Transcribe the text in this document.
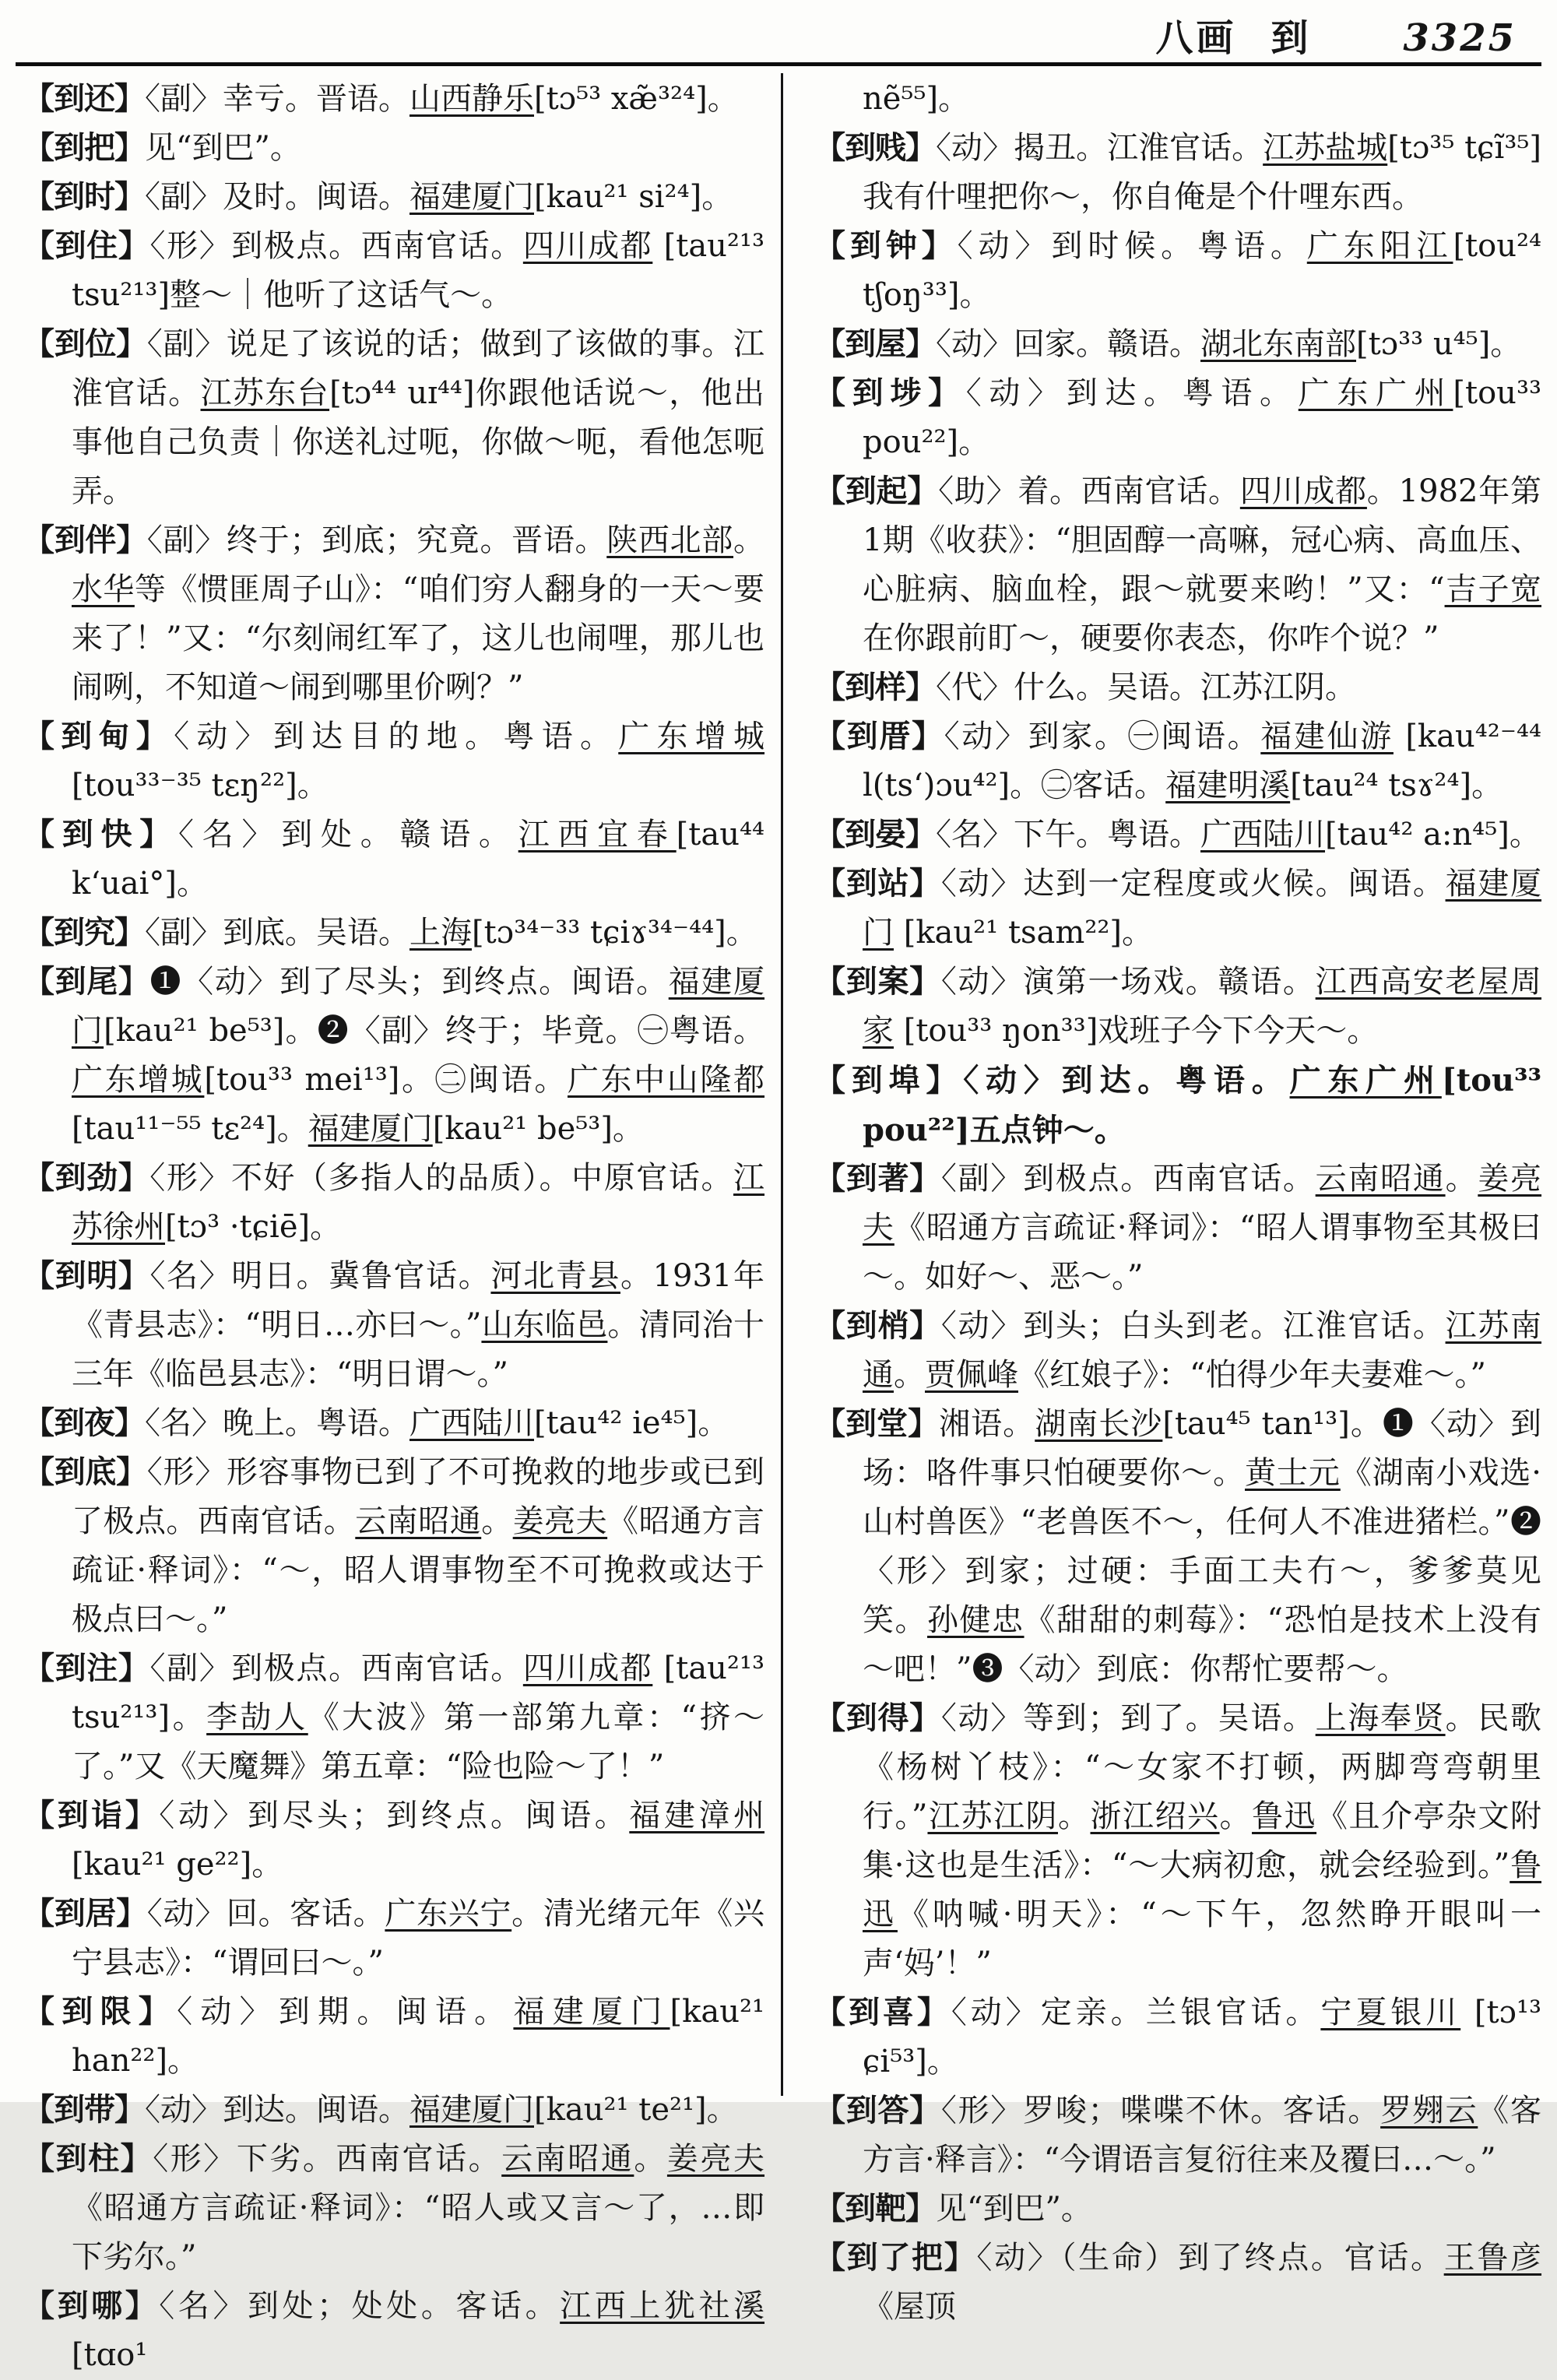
八画 到 3325
【到还】〈副〉幸亏。晋语。山西静乐[tɔ⁵³ xæ̃³²⁴]。
【到把】见“到巴”。
【到时】〈副〉及时。闽语。福建厦门[kau²¹ si²⁴]。
【到住】〈形〉到极点。西南官话。四川成都 [tau²¹³ tsu²¹³]整～｜他听了这话气～。
【到位】〈副〉说足了该说的话；做到了该做的事。江淮官话。江苏东台[tɔ⁴⁴ uɪ⁴⁴]你跟他话说～，他出事他自己负责｜你送礼过呃，你做～呃，看他怎呃弄。
【到伴】〈副〉终于；到底；究竟。晋语。陕西北部。水华等《惯匪周子山》：“咱们穷人翻身的一天～要来了！”又：“尔刻闹红军了，这儿也闹哩，那儿也闹咧，不知道～闹到哪里价咧？”
【到甸】〈动〉到达目的地。粤语。广东增城 [tou³³⁻³⁵ tɛŋ²²]。
【到快】〈名〉到处。赣语。江西宜春[tau⁴⁴ k‘uai°]。
【到究】〈副〉到底。吴语。上海[tɔ³⁴⁻³³ tɕiɤ³⁴⁻⁴⁴]。
【到尾】❶〈动〉到了尽头；到终点。闽语。福建厦门[kau²¹ be⁵³]。❷〈副〉终于；毕竟。㊀粤语。广东增城[tou³³ mei¹³]。㊁闽语。广东中山隆都 [tau¹¹⁻⁵⁵ tɛ²⁴]。福建厦门[kau²¹ be⁵³]。
【到劲】〈形〉不好（多指人的品质）。中原官话。江苏徐州[tɔ³ ·tɕiē]。
【到明】〈名〉明日。冀鲁官话。河北青县。1931年《青县志》：“明日…亦曰～。”山东临邑。清同治十三年《临邑县志》：“明日谓～。”
【到夜】〈名〉晚上。粤语。广西陆川[tau⁴² ie⁴⁵]。
【到底】〈形〉形容事物已到了不可挽救的地步或已到了极点。西南官话。云南昭通。姜亮夫《昭通方言疏证·释词》：“～，昭人谓事物至不可挽救或达于极点曰～。”
【到注】〈副〉到极点。西南官话。四川成都 [tau²¹³ tsu²¹³]。李劼人《大波》第一部第九章：“挤～了。”又《天魔舞》第五章：“险也险～了！”
【到诣】〈动〉到尽头；到终点。闽语。福建漳州 [kau²¹ ge²²]。
【到居】〈动〉回。客话。广东兴宁。清光绪元年《兴宁县志》：“谓回曰～。”
【到限】〈动〉到期。闽语。福建厦门[kau²¹ han²²]。
【到带】〈动〉到达。闽语。福建厦门[kau²¹ te²¹]。
【到柱】〈形〉下劣。西南官话。云南昭通。姜亮夫《昭通方言疏证·释词》：“昭人或又言～了，…即下劣尔。”
【到哪】〈名〉到处；处处。客话。江西上犹社溪 [tɑo¹
nẽ⁵⁵]。
【到贱】〈动〉揭丑。江淮官话。江苏盐城[tɔ³⁵ tɕĩ³⁵]我有什哩把你～，你自俺是个什哩东西。
【到钟】〈动〉到时候。粤语。广东阳江[tou²⁴ tʃoŋ³³]。
【到屋】〈动〉回家。赣语。湖北东南部[tɔ³³ u⁴⁵]。
【到埗】〈动〉到达。粤语。广东广州[tou³³ pou²²]。
【到起】〈助〉着。西南官话。四川成都。1982年第1期《收获》：“胆固醇一高嘛，冠心病、高血压、心脏病、脑血栓，跟～就要来哟！”又：“吉子宽在你跟前盯～，硬要你表态，你咋个说？”
【到样】〈代〉什么。吴语。江苏江阴。
【到厝】〈动〉到家。㊀闽语。福建仙游 [kau⁴²⁻⁴⁴ l(ts‘)ɔu⁴²]。㊁客话。福建明溪[tau²⁴ tsɤ²⁴]。
【到晏】〈名〉下午。粤语。广西陆川[tau⁴² a:n⁴⁵]。
【到站】〈动〉达到一定程度或火候。闽语。福建厦门 [kau²¹ tsam²²]。
【到案】〈动〉演第一场戏。赣语。江西高安老屋周家 [tou³³ ŋon³³]戏班子今下今天～。
【到埠】〈动〉到达。粤语。广东广州[tou³³ pou²²]五点钟～。
【到著】〈副〉到极点。西南官话。云南昭通。姜亮夫《昭通方言疏证·释词》：“昭人谓事物至其极曰～。如好～、恶～。”
【到梢】〈动〉到头；白头到老。江淮官话。江苏南通。贾佩峰《红娘子》：“怕得少年夫妻难～。”
【到堂】湘语。湖南长沙[tau⁴⁵ tan¹³]。❶〈动〉到场：咯件事只怕硬要你～。黄士元《湖南小戏选·山村兽医》“老兽医不～，任何人不准进猪栏。”❷〈形〉到家；过硬：手面工夫冇～，爹爹莫见笑。孙健忠《甜甜的刺莓》：“恐怕是技术上没有～吧！”❸〈动〉到底：你帮忙要帮～。
【到得】〈动〉等到；到了。吴语。上海奉贤。民歌《杨树丫枝》：“～女家不打顿，两脚弯弯朝里行。”江苏江阴。浙江绍兴。鲁迅《且介亭杂文附集·这也是生活》：“～大病初愈，就会经验到。”鲁迅《呐喊·明天》：“～下午，忽然睁开眼叫一声‘妈’！”
【到喜】〈动〉定亲。兰银官话。宁夏银川 [tɔ¹³ ɕi⁵³]。
【到答】〈形〉罗唆；喋喋不休。客话。罗翙云《客方言·释言》：“今谓语言复衍往来及覆曰…～。”
【到靶】见“到巴”。
【到了把】〈动〉（生命）到了终点。官话。王鲁彦《屋顶
